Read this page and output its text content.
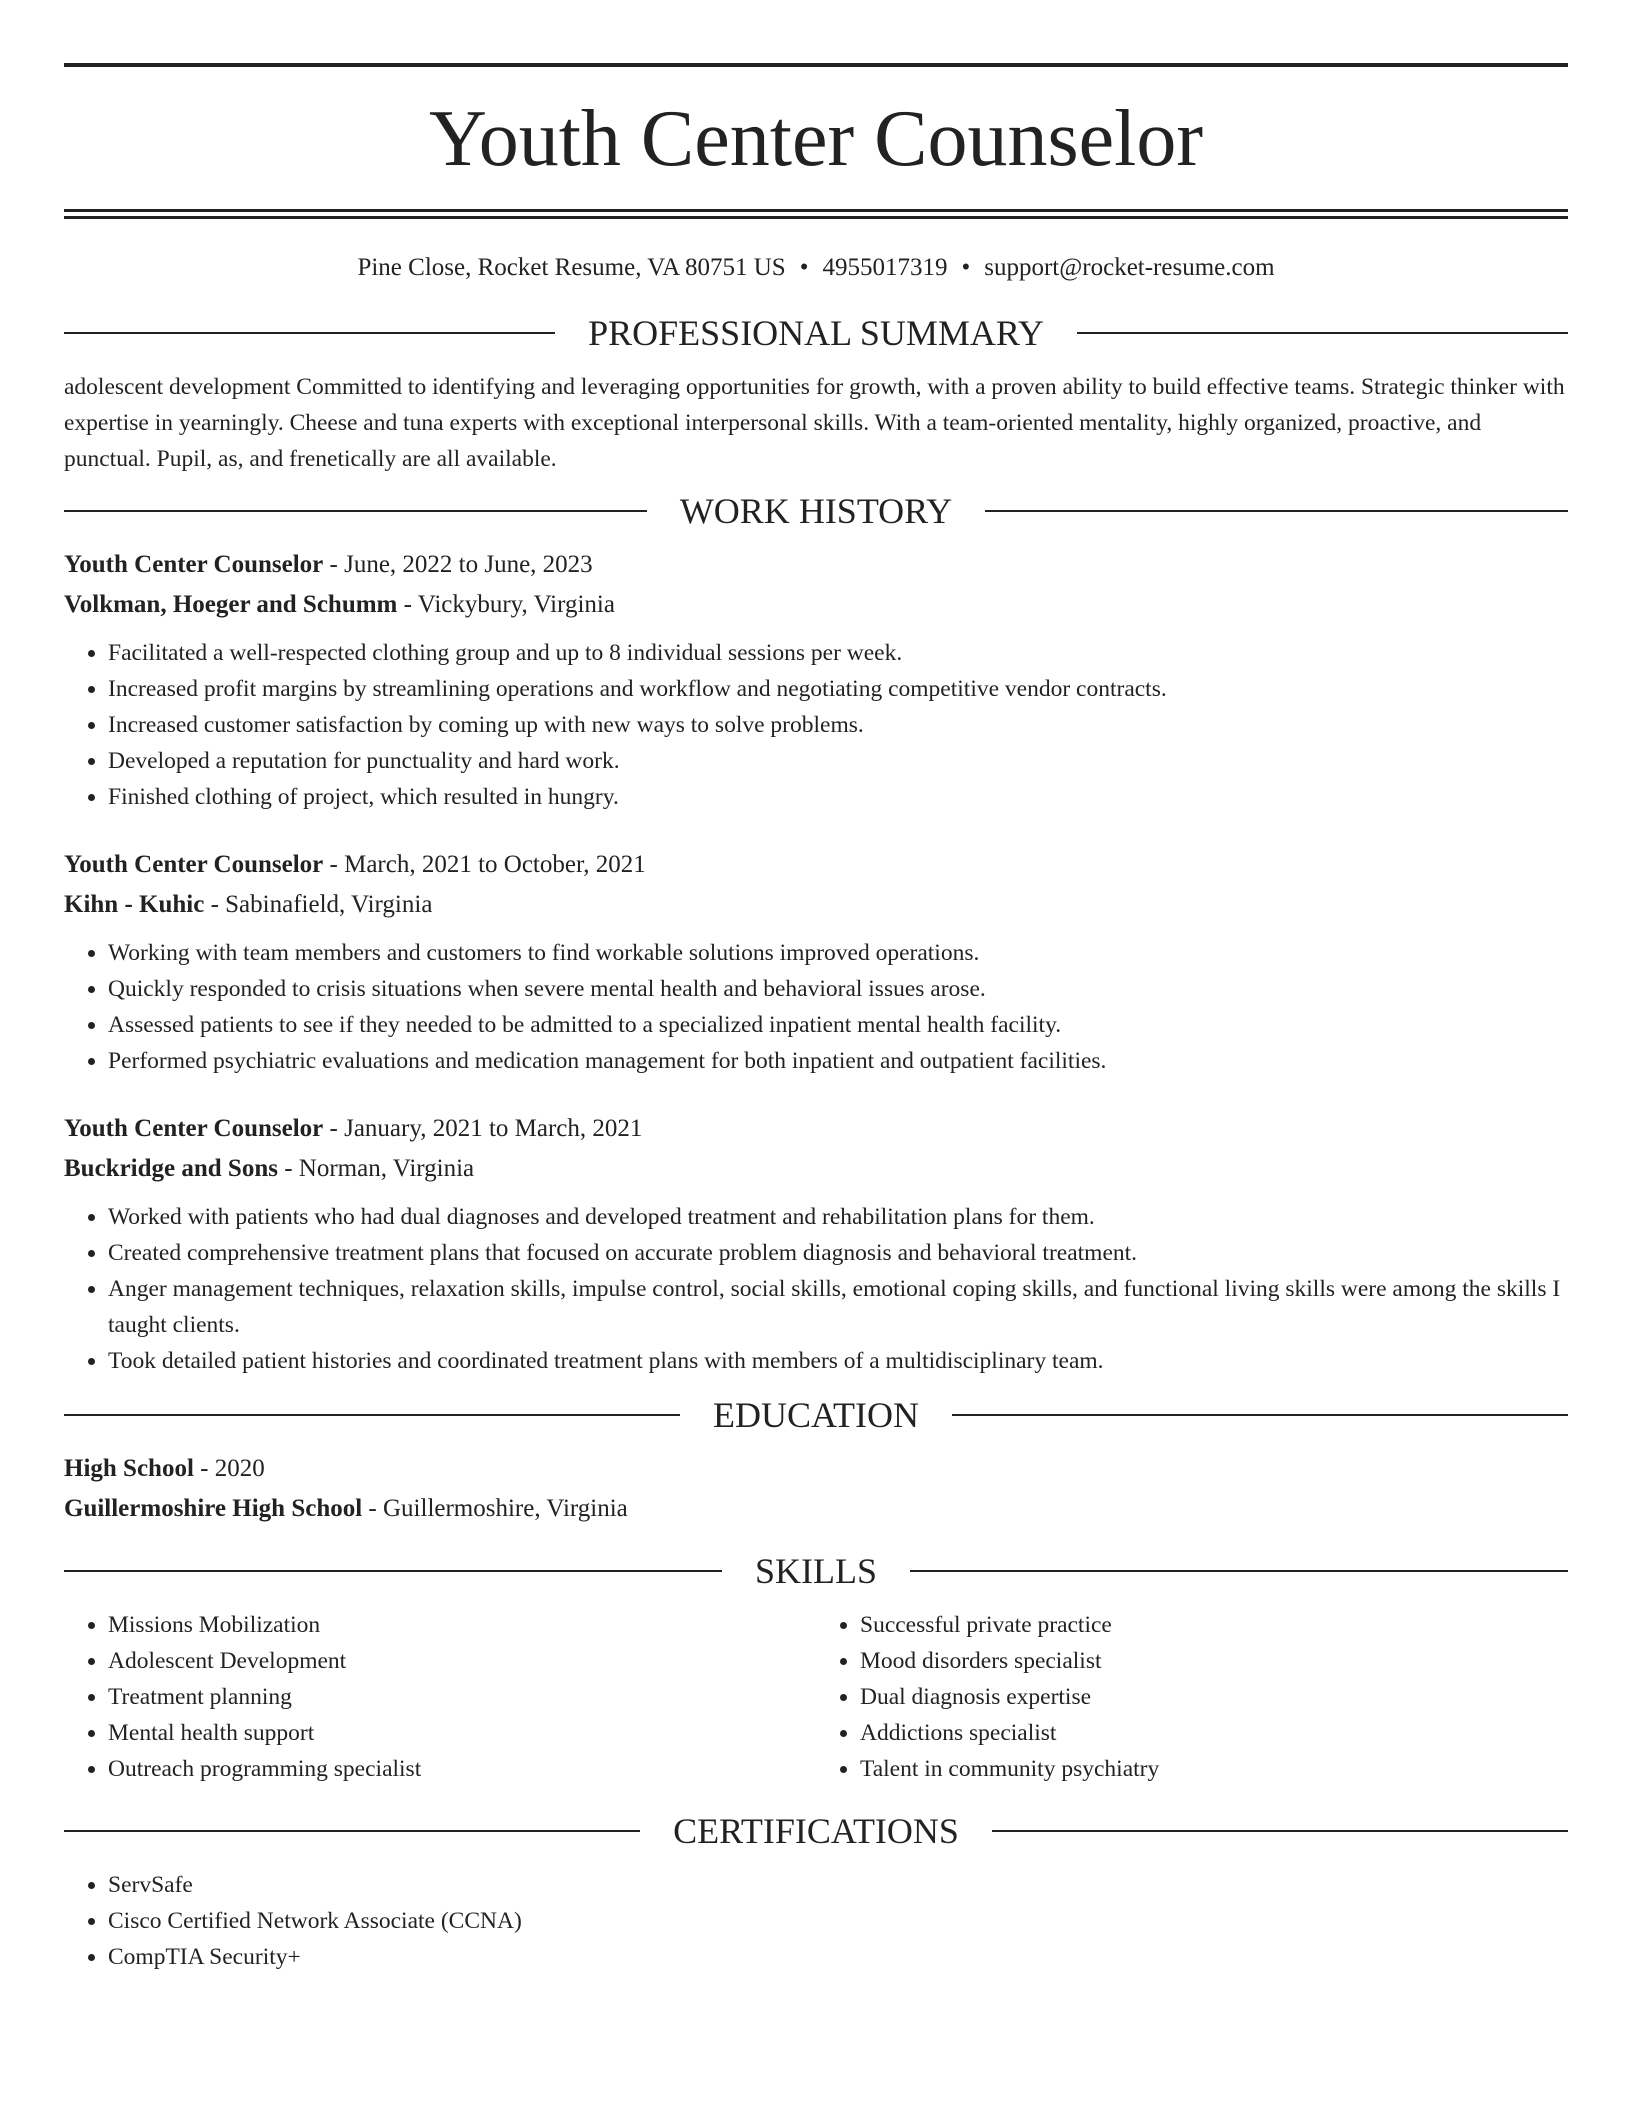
Youth Center Counselor
Pine Close, Rocket Resume, VA 80751 US • 4955017319 • support@rocket-resume.com
PROFESSIONAL SUMMARY

adolescent development Committed to identifying and leveraging opportunities for growth, with a proven ability to build effective teams. Strategic thinker with expertise in yearningly. Cheese and tuna experts with exceptional interpersonal skills. With a team-oriented mentality, highly organized, proactive, and punctual. Pupil, as, and frenetically are all available.

WORK HISTORY

Youth Center Counselor - June, 2022 to June, 2023

Volkman, Hoeger and Schumm - Vickybury, Virginia

• Facilitated a well-respected clothing group and up to 8 individual sessions per week.
• Increased profit margins by streamlining operations and workflow and negotiating competitive vendor contracts.
• Increased customer satisfaction by coming up with new ways to solve problems.
• Developed a reputation for punctuality and hard work.
• Finished clothing of project, which resulted in hungry.

Youth Center Counselor - March, 2021 to October, 2021

Kihn - Kuhic - Sabinafield, Virginia

• Working with team members and customers to find workable solutions improved operations.
• Quickly responded to crisis situations when severe mental health and behavioral issues arose.
• Assessed patients to see if they needed to be admitted to a specialized inpatient mental health facility.
• Performed psychiatric evaluations and medication management for both inpatient and outpatient facilities.

Youth Center Counselor - January, 2021 to March, 2021

Buckridge and Sons - Norman, Virginia

• Worked with patients who had dual diagnoses and developed treatment and rehabilitation plans for them.
• Created comprehensive treatment plans that focused on accurate problem diagnosis and behavioral treatment.
• Anger management techniques, relaxation skills, impulse control, social skills, emotional coping skills, and functional living skills were among the skills I taught clients.
• Took detailed patient histories and coordinated treatment plans with members of a multidisciplinary team.
EDUCATION

High School - 2020

Guillermoshire High School - Guillermoshire, Virginia

SKILLS
• Missions Mobilization
• Adolescent Development
• Treatment planning
• Mental health support
• Outreach programming specialist
• Successful private practice
• Mood disorders specialist
• Dual diagnosis expertise
• Addictions specialist
• Talent in community psychiatry
CERTIFICATIONS
• ServSafe
• Cisco Certified Network Associate (CCNA)
• CompTIA Security+
